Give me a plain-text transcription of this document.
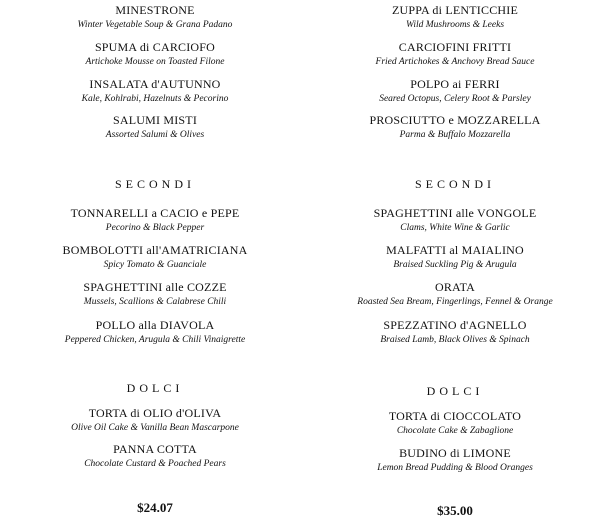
MINESTRONE
Winter Vegetable Soup & Grana Padano
SPUMA di CARCIOFO
Artichoke Mousse on Toasted Filone
INSALATA d'AUTUNNO
Kale, Kohlrabi, Hazelnuts & Pecorino
SALUMI MISTI
Assorted Salumi & Olives
SECONDI
TONNARELLI a CACIO e PEPE
Pecorino & Black Pepper
BOMBOLOTTI all'AMATRICIANA
Spicy Tomato & Guanciale
SPAGHETTINI alle COZZE
Mussels, Scallions & Calabrese Chili
POLLO alla DIAVOLA
Peppered Chicken, Arugula & Chili Vinaigrette
DOLCI
TORTA di OLIO d'OLIVA
Olive Oil Cake & Vanilla Bean Mascarpone
PANNA COTTA
Chocolate Custard & Poached Pears
$24.07
ZUPPA di LENTICCHIE
Wild Mushrooms & Leeks
CARCIOFINI FRITTI
Fried Artichokes & Anchovy Bread Sauce
POLPO ai FERRI
Seared Octopus, Celery Root & Parsley
PROSCIUTTO e MOZZARELLA
Parma & Buffalo Mozzarella
SECONDI
SPAGHETTINI alle VONGOLE
Clams, White Wine & Garlic
MALFATTI al MAIALINO
Braised Suckling Pig & Arugula
ORATA
Roasted Sea Bream, Fingerlings, Fennel & Orange
SPEZZATINO d'AGNELLO
Braised Lamb, Black Olives & Spinach
DOLCI
TORTA di CIOCCOLATO
Chocolate Cake & Zabaglione
BUDINO di LIMONE
Lemon Bread Pudding & Blood Oranges
$35.00
